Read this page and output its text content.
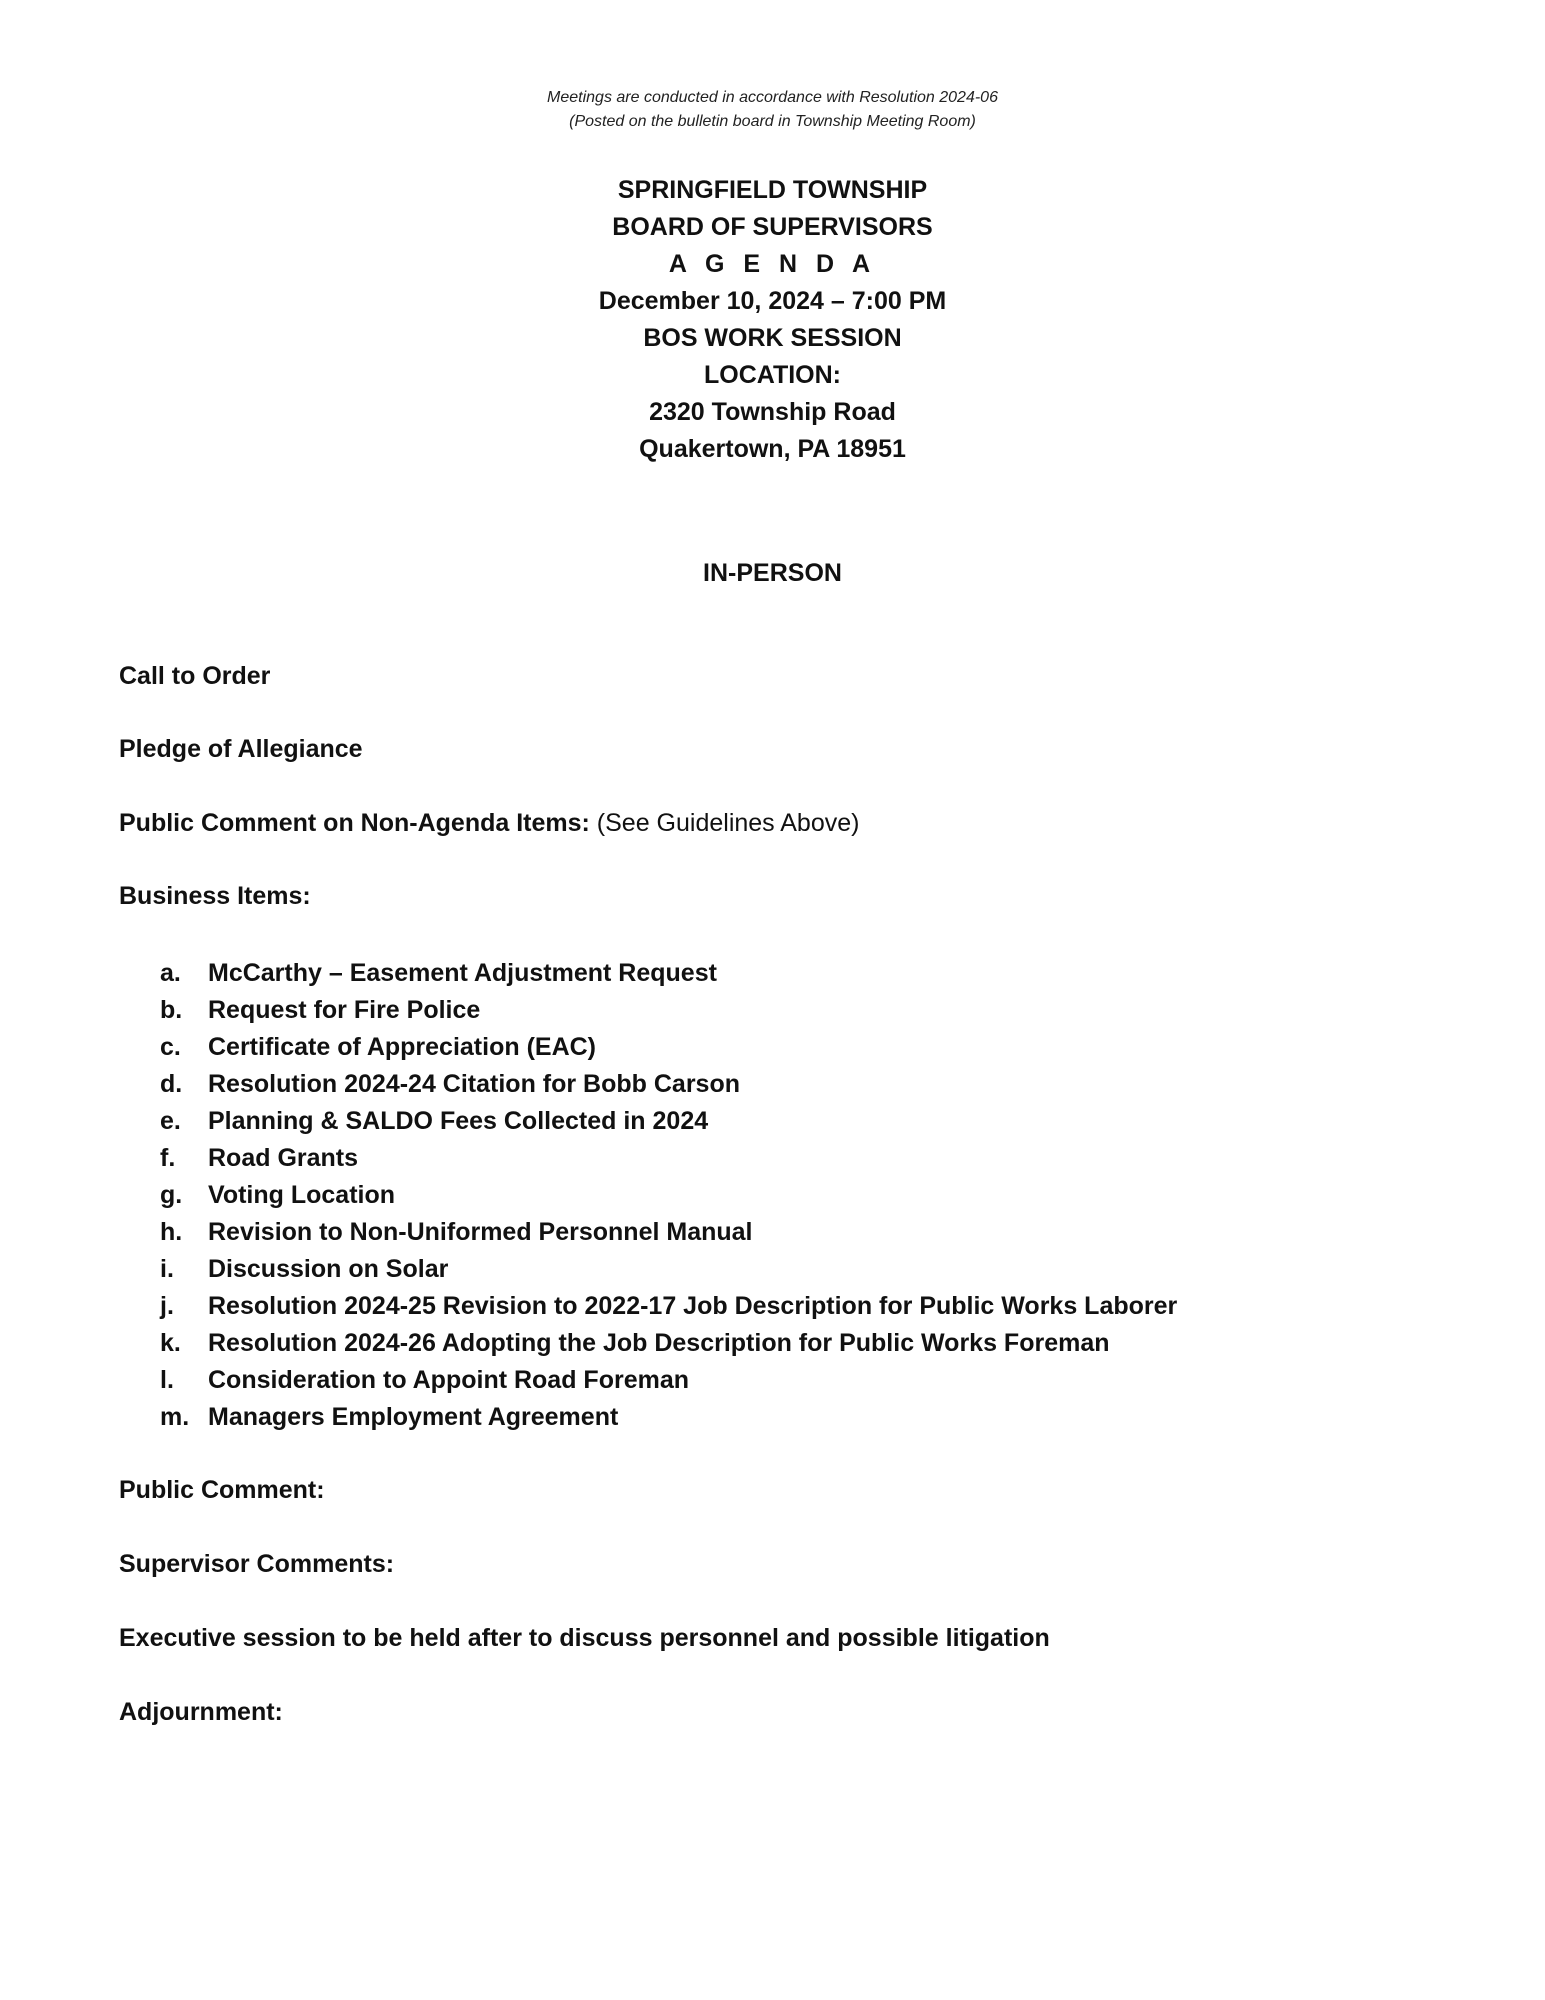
Meetings are conducted in accordance with Resolution 2024-06
(Posted on the bulletin board in Township Meeting Room)
SPRINGFIELD TOWNSHIP
BOARD OF SUPERVISORS
A G E N D A
December 10, 2024 – 7:00 PM
BOS WORK SESSION
LOCATION:
2320 Township Road
Quakertown, PA 18951
IN-PERSON
Call to Order
Pledge of Allegiance
Public Comment on Non-Agenda Items: (See Guidelines Above)
Business Items:
a. McCarthy – Easement Adjustment Request
b. Request for Fire Police
c. Certificate of Appreciation (EAC)
d. Resolution 2024-24 Citation for Bobb Carson
e. Planning & SALDO Fees Collected in 2024
f. Road Grants
g. Voting Location
h. Revision to Non-Uniformed Personnel Manual
i. Discussion on Solar
j. Resolution 2024-25 Revision to 2022-17 Job Description for Public Works Laborer
k. Resolution 2024-26 Adopting the Job Description for Public Works Foreman
l. Consideration to Appoint Road Foreman
m. Managers Employment Agreement
Public Comment:
Supervisor Comments:
Executive session to be held after to discuss personnel and possible litigation
Adjournment:
